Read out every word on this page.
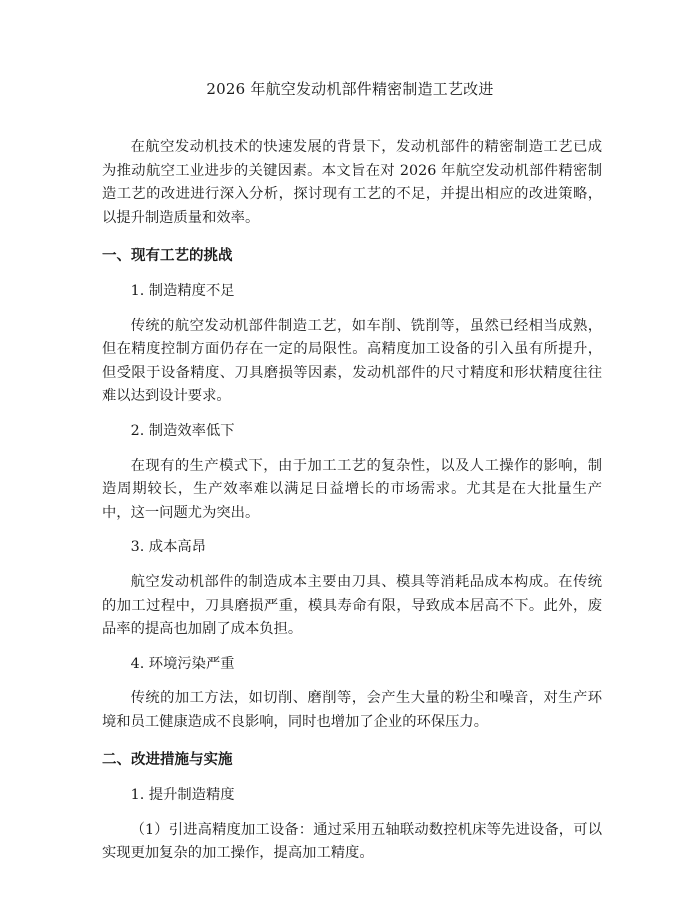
2026 年航空发动机部件精密制造工艺改进

在航空发动机技术的快速发展的背景下，发动机部件的精密制造工艺已成为推动航空工业进步的关键因素。本文旨在对 2026 年航空发动机部件精密制造工艺的改进进行深入分析，探讨现有工艺的不足，并提出相应的改进策略，以提升制造质量和效率。

一、现有工艺的挑战

1. 制造精度不足

传统的航空发动机部件制造工艺，如车削、铣削等，虽然已经相当成熟，但在精度控制方面仍存在一定的局限性。高精度加工设备的引入虽有所提升，但受限于设备精度、刀具磨损等因素，发动机部件的尺寸精度和形状精度往往难以达到设计要求。

2. 制造效率低下

在现有的生产模式下，由于加工工艺的复杂性，以及人工操作的影响，制造周期较长，生产效率难以满足日益增长的市场需求。尤其是在大批量生产中，这一问题尤为突出。

3. 成本高昂

航空发动机部件的制造成本主要由刀具、模具等消耗品成本构成。在传统的加工过程中，刀具磨损严重，模具寿命有限，导致成本居高不下。此外，废品率的提高也加剧了成本负担。

4. 环境污染严重

传统的加工方法，如切削、磨削等，会产生大量的粉尘和噪音，对生产环境和员工健康造成不良影响，同时也增加了企业的环保压力。

二、改进措施与实施

1. 提升制造精度

（1）引进高精度加工设备：通过采用五轴联动数控机床等先进设备，可以实现更加复杂的加工操作，提高加工精度。
